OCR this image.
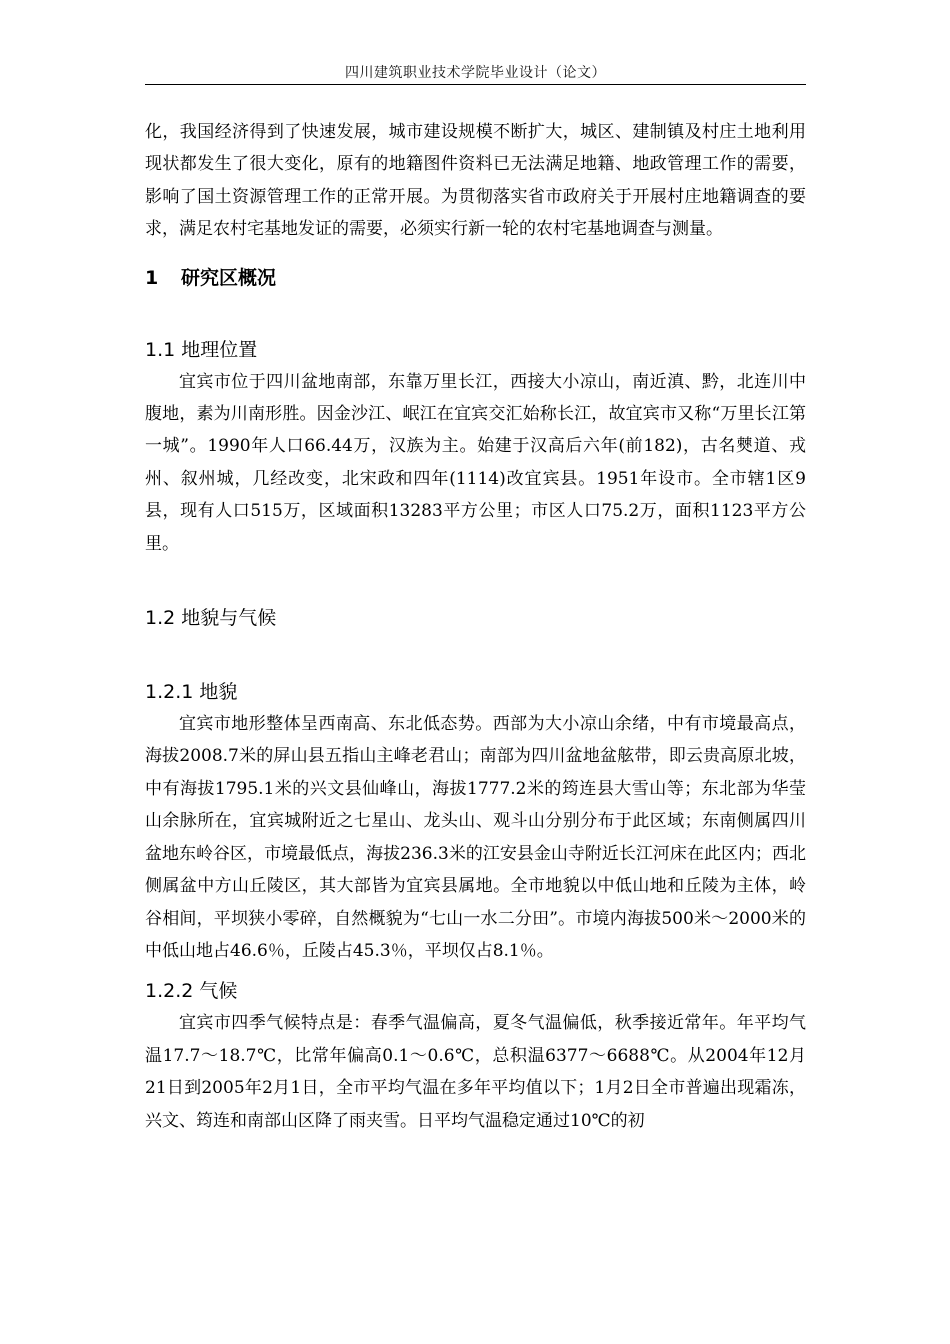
四川建筑职业技术学院毕业设计（论文）

化，我国经济得到了快速发展，城市建设规模不断扩大，城区、建制镇及村庄土地利用现状都发生了很大变化，原有的地籍图件资料已无法满足地籍、地政管理工作的需要，影响了国土资源管理工作的正常开展。为贯彻落实省市政府关于开展村庄地籍调查的要求，满足农村宅基地发证的需要，必须实行新一轮的农村宅基地调查与测量。

1 研究区概况
1.1 地理位置

宜宾市位于四川盆地南部，东靠万里长江，西接大小凉山，南近滇、黔，北连川中腹地，素为川南形胜。因金沙江、岷江在宜宾交汇始称长江，故宜宾市又称“万里长江第一城”。1990年人口66.44万，汉族为主。始建于汉高后六年(前182)，古名僰道、戎州、叙州城，几经改变，北宋政和四年(1114)改宜宾县。1951年设市。全市辖1区9县，现有人口515万，区域面积13283平方公里；市区人口75.2万，面积1123平方公里。

1.2 地貌与气候
1.2.1 地貌

宜宾市地形整体呈西南高、东北低态势。西部为大小凉山余绪，中有市境最高点，海拔2008.7米的屏山县五指山主峰老君山；南部为四川盆地盆舷带，即云贵高原北坡，中有海拔1795.1米的兴文县仙峰山，海拔1777.2米的筠连县大雪山等；东北部为华莹山余脉所在，宜宾城附近之七星山、龙头山、观斗山分别分布于此区域；东南侧属四川盆地东岭谷区，市境最低点，海拔236.3米的江安县金山寺附近长江河床在此区内；西北侧属盆中方山丘陵区，其大部皆为宜宾县属地。全市地貌以中低山地和丘陵为主体，岭谷相间，平坝狭小零碎，自然概貌为“七山一水二分田”。市境内海拔500米～2000米的中低山地占46.6％，丘陵占45.3％，平坝仅占8.1％。

1.2.2 气候

宜宾市四季气候特点是：春季气温偏高，夏冬气温偏低，秋季接近常年。年平均气温17.7～18.7℃，比常年偏高0.1～0.6℃，总积温6377～6688℃。从2004年12月21日到2005年2月1日，全市平均气温在多年平均值以下；1月2日全市普遍出现霜冻，兴文、筠连和南部山区降了雨夹雪。日平均气温稳定通过10℃的初
